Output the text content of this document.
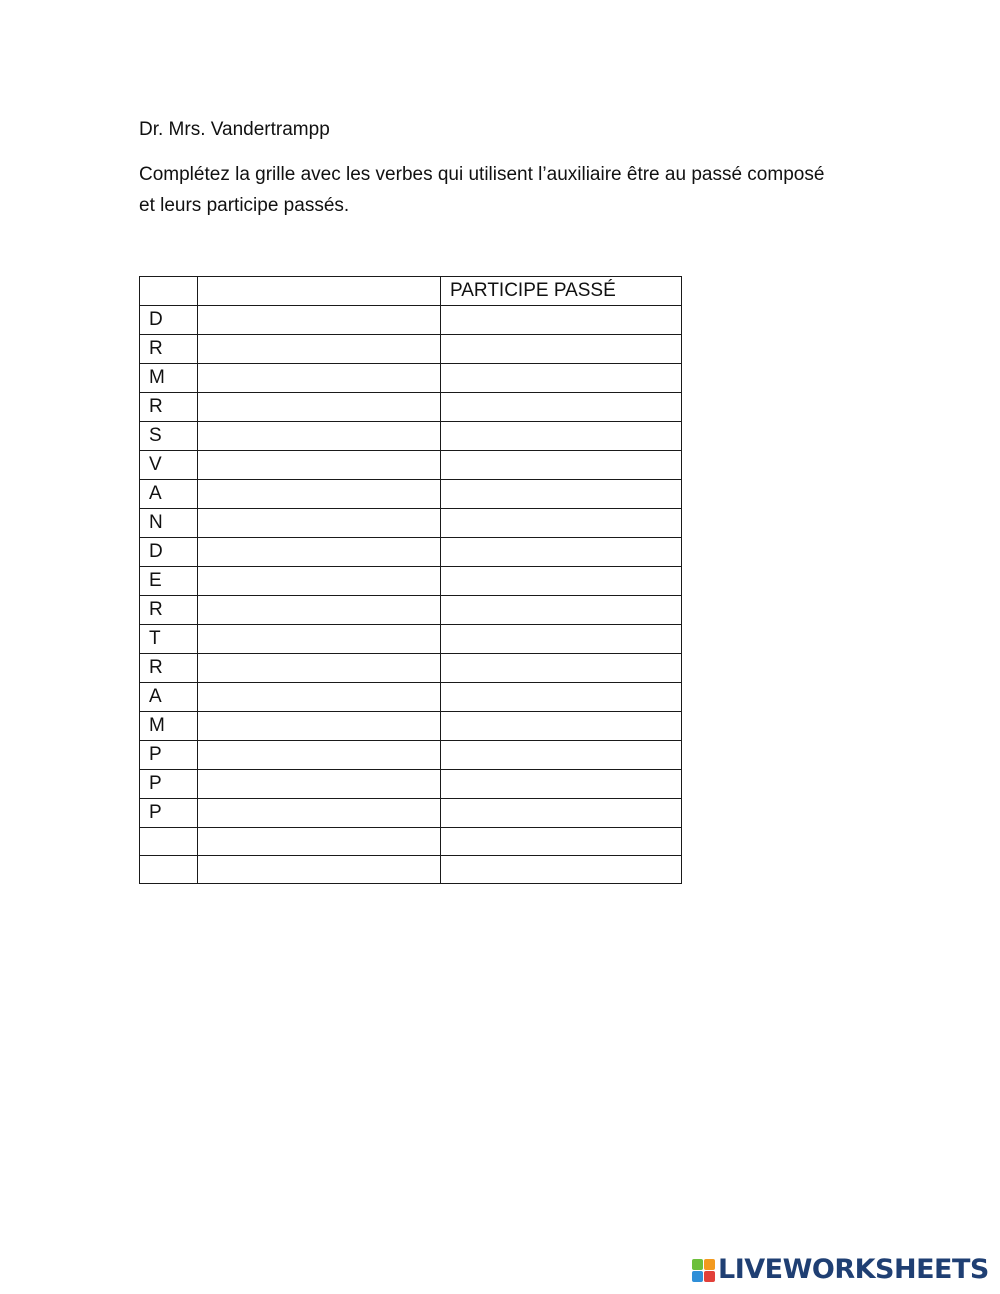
Dr. Mrs. Vandertrampp
Complétez la grille avec les verbes qui utilisent l’auxiliaire être au passé composé et leurs participe passés.
		PARTICIPE PASSÉ
D		
R		
M		
R		
S		
V		
A		
N		
D		
E		
R		
T		
R		
A		
M		
P		
P		
P		

LIVEWORKSHEETS
